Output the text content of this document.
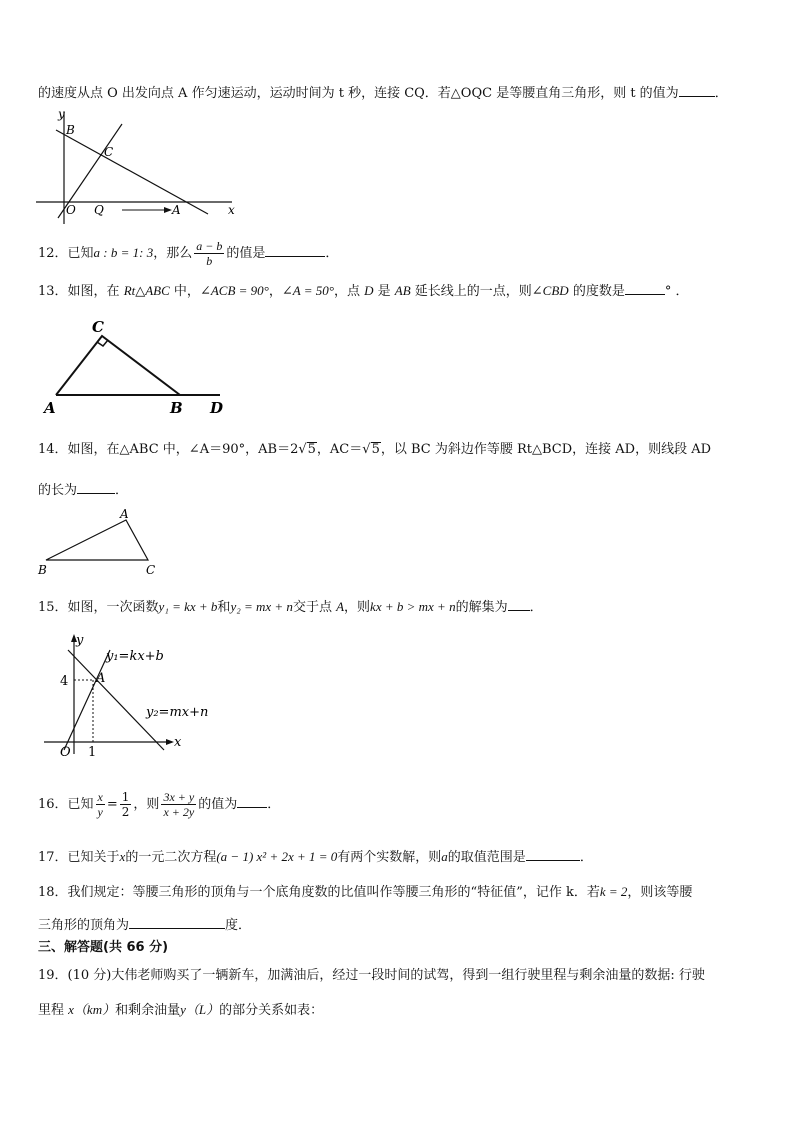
的速度从点 O 出发向点 A 作匀速运动，运动时间为 t 秒，连接 CQ．若△OQC 是等腰直角三角形，则 t 的值为	．
y
B
C
O Q	A	x
12．已知a : b = 1: 3，那么 $\frac{a - b}{b}$ 的值是	．
13．如图，在 Rt△ABC 中，∠ACB = 90°，∠A = 50°，点 D 是 AB 延长线上的一点，则∠CBD 的度数是	° ．
C
A	B D
14．如图，在△ABC 中，∠A＝90°，AB＝2√5，AC＝√5，以 BC 为斜边作等腰 Rt△BCD，连接 AD，则线段 AD
的长为	．
A
B	C
15．如图，一次函数y₁ = kx + b和y₂ = mx + n交于点 A，则kx + b > mx + n的解集为 ．
y
y₁=kx+b
A
4
y₂=mx+n
O 1
x
16．已知 $\frac{x}{y} = \frac{1}{2}$ ，则 $\frac{3x + y}{x + 2y}$ 的值为 ．
17．已知关于x的一元二次方程(a − 1) x² + 2x + 1 = 0有两个实数解，则a的取值范围是	．
18．我们规定：等腰三角形的顶角与一个底角度数的比值叫作等腰三角形的“特征值”，记作 k．若k = 2，则该等腰
三角形的顶角为	度．
三、解答题(共 66 分)
19．(10 分)大伟老师购买了一辆新车，加满油后，经过一段时间的试驾，得到一组行驶里程与剩余油量的数据: 行驶
里程 x（km）和剩余油量y（L）的部分关系如表：
